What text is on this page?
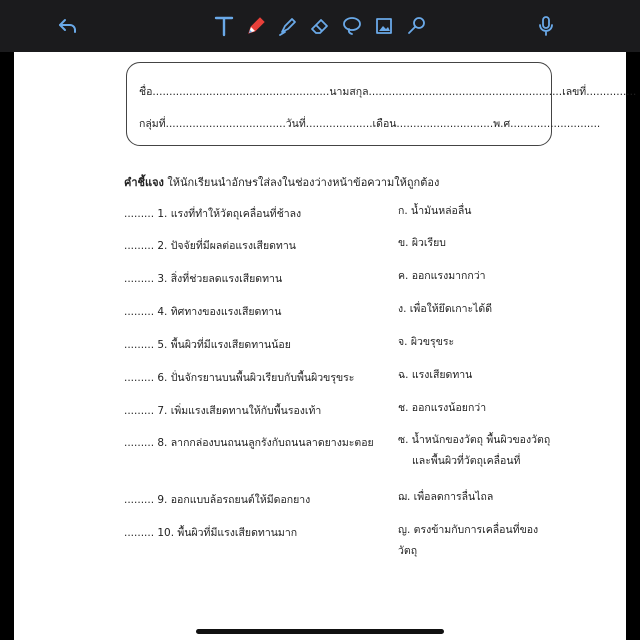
ชื่อ.....................................................นามสกุล..........................................................เลขที่...............
กลุ่มที่....................................วันที่....................เดือน.............................พ.ศ...........................
คำชี้แจง ให้นักเรียนนำอักษรใส่ลงในช่องว่างหน้าข้อความให้ถูกต้อง
......... 1. แรงที่ทำให้วัตถุเคลื่อนที่ช้าลง
......... 2. ปัจจัยที่มีผลต่อแรงเสียดทาน
......... 3. สิ่งที่ช่วยลดแรงเสียดทาน
......... 4. ทิศทางของแรงเสียดทาน
......... 5. พื้นผิวที่มีแรงเสียดทานน้อย
......... 6. ปั่นจักรยานบนพื้นผิวเรียบกับพื้นผิวขรุขระ
......... 7. เพิ่มแรงเสียดทานให้กับพื้นรองเท้า
......... 8. ลากกล่องบนถนนลูกรังกับถนนลาดยางมะตอย
......... 9. ออกแบบล้อรถยนต์ให้มีดอกยาง
......... 10. พื้นผิวที่มีแรงเสียดทานมาก
ก. น้ำมันหล่อลื่น
ข. ผิวเรียบ
ค. ออกแรงมากกว่า
ง. เพื่อให้ยึดเกาะได้ดี
จ. ผิวขรุขระ
ฉ. แรงเสียดทาน
ช. ออกแรงน้อยกว่า
ซ. น้ำหนักของวัตถุ พื้นผิวของวัตถุ
และพื้นผิวที่วัตถุเคลื่อนที่
ฌ. เพื่อลดการลื่นไถล
ญ. ตรงข้ามกับการเคลื่อนที่ของ
วัตถุ
